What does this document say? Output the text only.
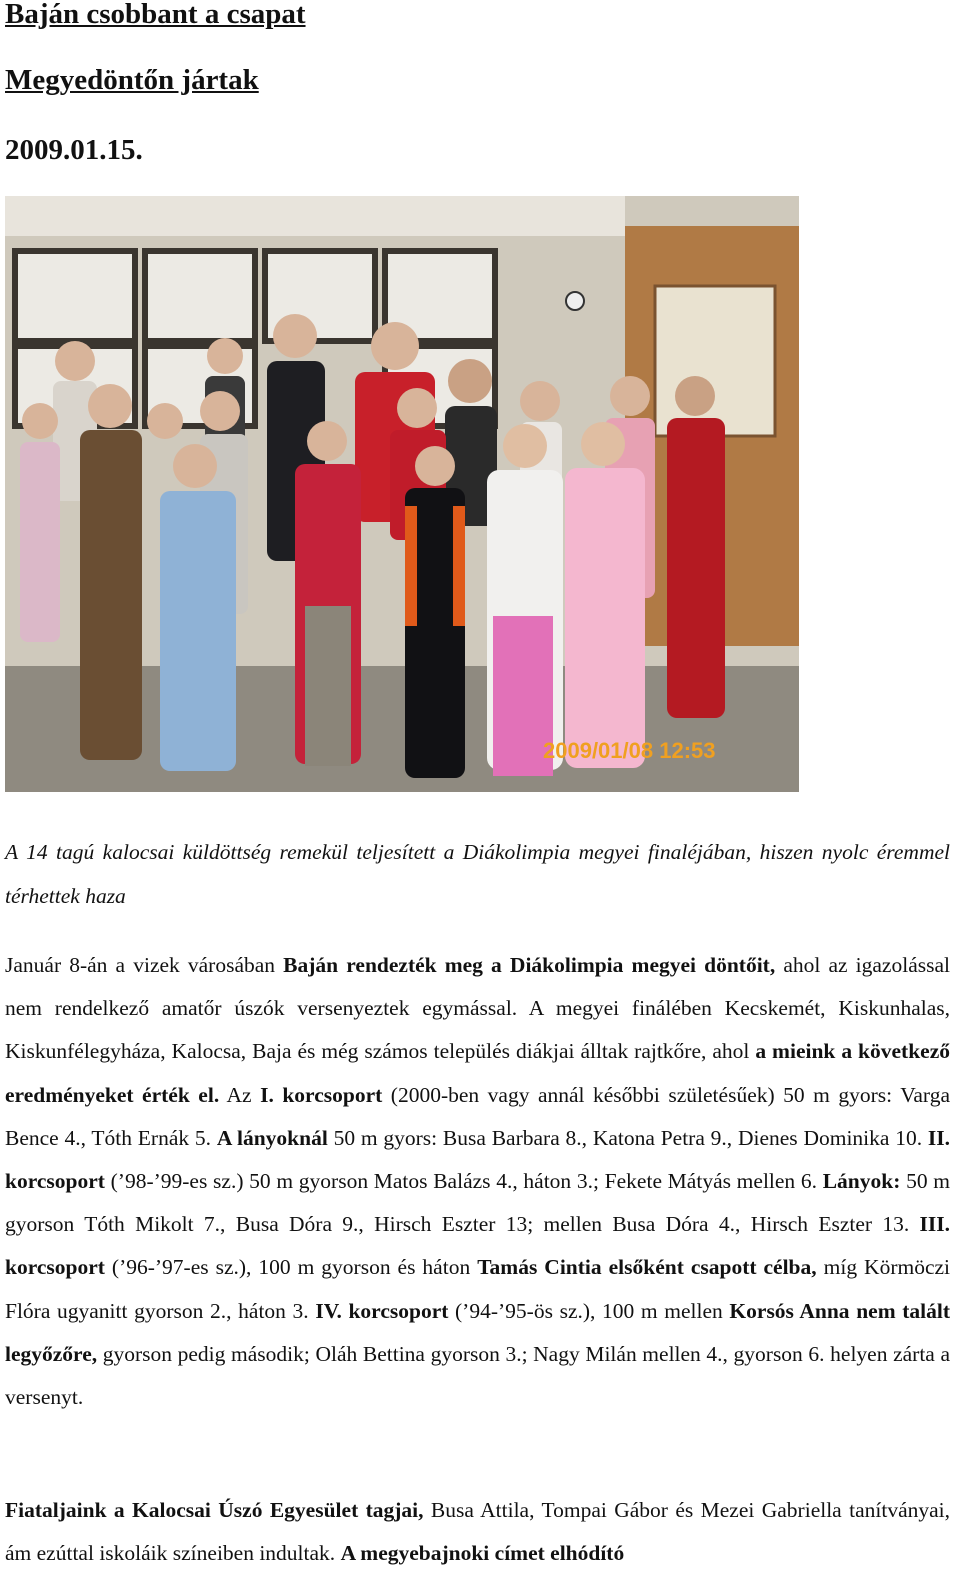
Baján csobbant a csapat
Megyedöntőn jártak
2009.01.15.
2009/01/08 12:53

A 14 tagú kalocsai küldöttség remekül teljesített a Diákolimpia megyei finaléjában, hiszen nyolc éremmel térhettek haza

Január 8-án a vizek városában Baján rendezték meg a Diákolimpia megyei döntőit, ahol az igazolással nem rendelkező amatőr úszók versenyeztek egymással. A megyei finálében Kecskemét, Kiskunhalas, Kiskunfélegyháza, Kalocsa, Baja és még számos település diákjai álltak rajtkőre, ahol a mieink a következő eredményeket érték el. Az I. korcsoport (2000-ben vagy annál későbbi születésűek) 50 m gyors: Varga Bence 4., Tóth Ernák 5. A lányoknál 50 m gyors: Busa Barbara 8., Katona Petra 9., Dienes Dominika 10. II. korcsoport (’98-’99-es sz.) 50 m gyorson Matos Balázs 4., háton 3.; Fekete Mátyás mellen 6. Lányok: 50 m gyorson Tóth Mikolt 7., Busa Dóra 9., Hirsch Eszter 13; mellen Busa Dóra 4., Hirsch Eszter 13. III. korcsoport (’96-’97-es sz.), 100 m gyorson és háton Tamás Cintia elsőként csapott célba, míg Körmöczi Flóra ugyanitt gyorson 2., háton 3. IV. korcsoport (’94-’95-ös sz.), 100 m mellen Korsós Anna nem talált legyőzőre, gyorson pedig második; Oláh Bettina gyorson 3.; Nagy Milán mellen 4., gyorson 6. helyen zárta a versenyt.

Fiataljaink a Kalocsai Úszó Egyesület tagjai, Busa Attila, Tompai Gábor és Mezei Gabriella tanítványai, ám ezúttal iskoláik színeiben indultak. A megyebajnoki címet elhódító
